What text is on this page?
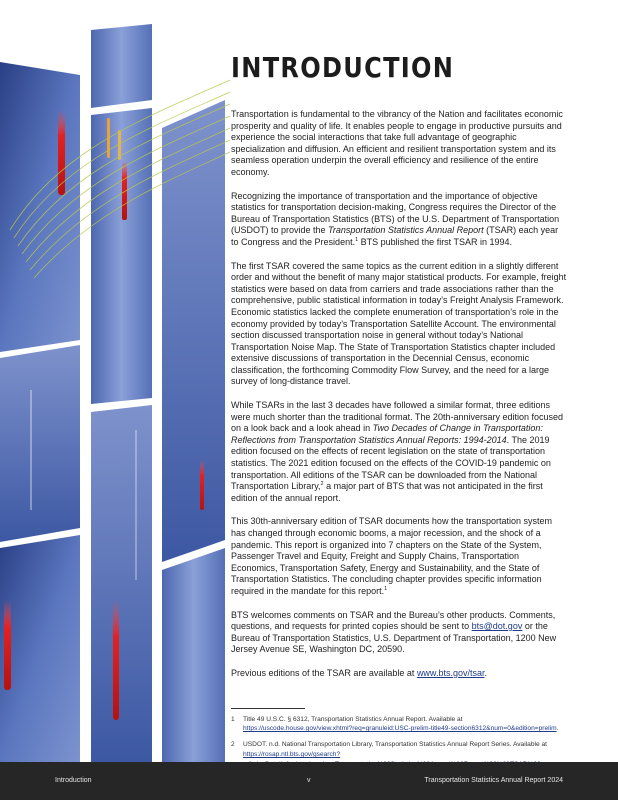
INTRODUCTION

Transportation is fundamental to the vibrancy of the Nation and facilitates economic prosperity and quality of life. It enables people to engage in productive pursuits and experience the social interactions that take full advantage of geographic specialization and diffusion. An efficient and resilient transportation system and its seamless operation underpin the overall efficiency and resilience of the entire economy.

Recognizing the importance of transportation and the importance of objective statistics for transportation decision-making, Congress requires the Director of the Bureau of Transportation Statistics (BTS) of the U.S. Department of Transportation (USDOT) to provide the Transportation Statistics Annual Report (TSAR) each year to Congress and the President.$^1$ BTS published the first TSAR in 1994.

The first TSAR covered the same topics as the current edition in a slightly different order and without the benefit of many major statistical products. For example, freight statistics were based on data from carriers and trade associations rather than the comprehensive, public statistical information in today’s Freight Analysis Framework. Economic statistics lacked the complete enumeration of transportation’s role in the economy provided by today’s Transportation Satellite Account. The environmental section discussed transportation noise in general without today’s National Transportation Noise Map. The State of Transportation Statistics chapter included extensive discussions of transportation in the Decennial Census, economic classification, the forthcoming Commodity Flow Survey, and the need for a large survey of long-distance travel.

While TSARs in the last 3 decades have followed a similar format, three editions were much shorter than the traditional format. The 20th-anniversary edition focused on a look back and a look ahead in Two Decades of Change in Transportation: Reflections from Transportation Statistics Annual Reports: 1994-2014. The 2019 edition focused on the effects of recent legislation on the state of transportation statistics. The 2021 edition focused on the effects of the COVID-19 pandemic on transportation. All editions of the TSAR can be downloaded from the National Transportation Library,$^2$ a major part of BTS that was not anticipated in the first edition of the annual report.

This 30th-anniversary edition of TSAR documents how the transportation system has changed through economic booms, a major recession, and the shock of a pandemic. This report is organized into 7 chapters on the State of the System, Passenger Travel and Equity, Freight and Supply Chains, Transportation Economics, Transportation Safety, Energy and Sustainability, and the State of Transportation Statistics. The concluding chapter provides specific information required in the mandate for this report.$^1$

BTS welcomes comments on TSAR and the Bureau’s other products. Comments, questions, and requests for printed copies should be sent to bts@dot.gov or the Bureau of Transportation Statistics, U.S. Department of Transportation, 1200 New Jersey Avenue SE, Washington DC, 20590.

Previous editions of the TSAR are available at www.bts.gov/tsar.

1	Title 49 U.S.C. § 6312, Transportation Statistics Annual Report. Available at https://uscode.house.gov/view.xhtml?req=granuleid:USC-prelim-title49-section6312&num=0&edition=prelim.
2	USDOT. n.d. National Transportation Library, Transportation Statistics Annual Report Series. Available at https://rosap.ntl.bts.gov/gsearch?
Introduction	v	Transportation Statistics Annual Report 2024
